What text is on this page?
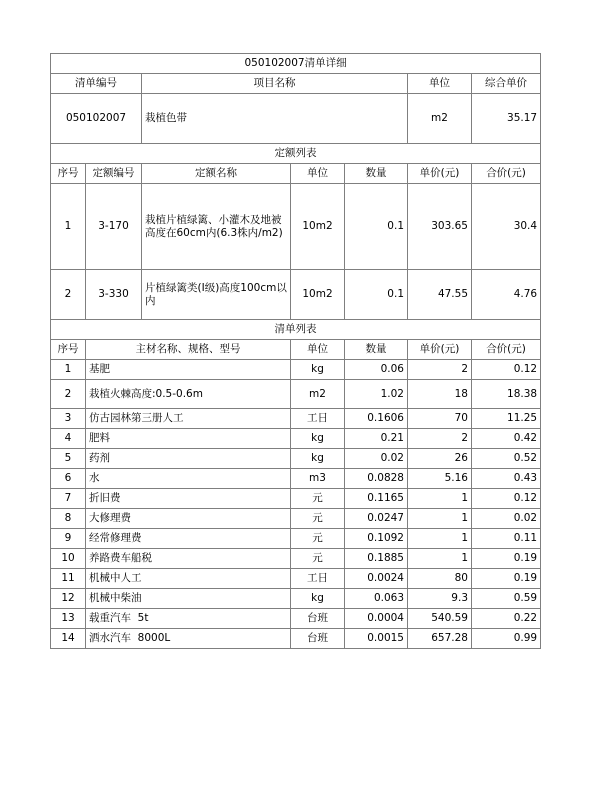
050102007清单详细						
清单编号		项目名称			单位	综合单价
050102007		栽植色带			m2	35.17
定额列表						
序号	定额编号	定额名称	单位	数量	单价(元)	合价(元)
1	3-170	栽植片植绿篱、小灌木及地被高度在60cm内(6.3株内/m2)	10m2	0.1	303.65	30.4
2	3-330	片植绿篱类(I级)高度100cm以内	10m2	0.1	47.55	4.76
清单列表						
序号	主材名称、规格、型号		单位	数量	单价(元)	合价(元)
1	基肥		kg	0.06	2	0.12
2	栽植火棘高度:0.5-0.6m		m2	1.02	18	18.38
3	仿古园林第三册人工		工日	0.1606	70	11.25
4	肥料		kg	0.21	2	0.42
5	药剂		kg	0.02	26	0.52
6	水		m3	0.0828	5.16	0.43
7	折旧费		元	0.1165	1	0.12
8	大修理费		元	0.0247	1	0.02
9	经常修理费		元	0.1092	1	0.11
10	养路费车船税		元	0.1885	1	0.19
11	机械中人工		工日	0.0024	80	0.19
12	机械中柴油		kg	0.063	9.3	0.59
13	载重汽车  5t		台班	0.0004	540.59	0.22
14	洒水汽车  8000L		台班	0.0015	657.28	0.99
